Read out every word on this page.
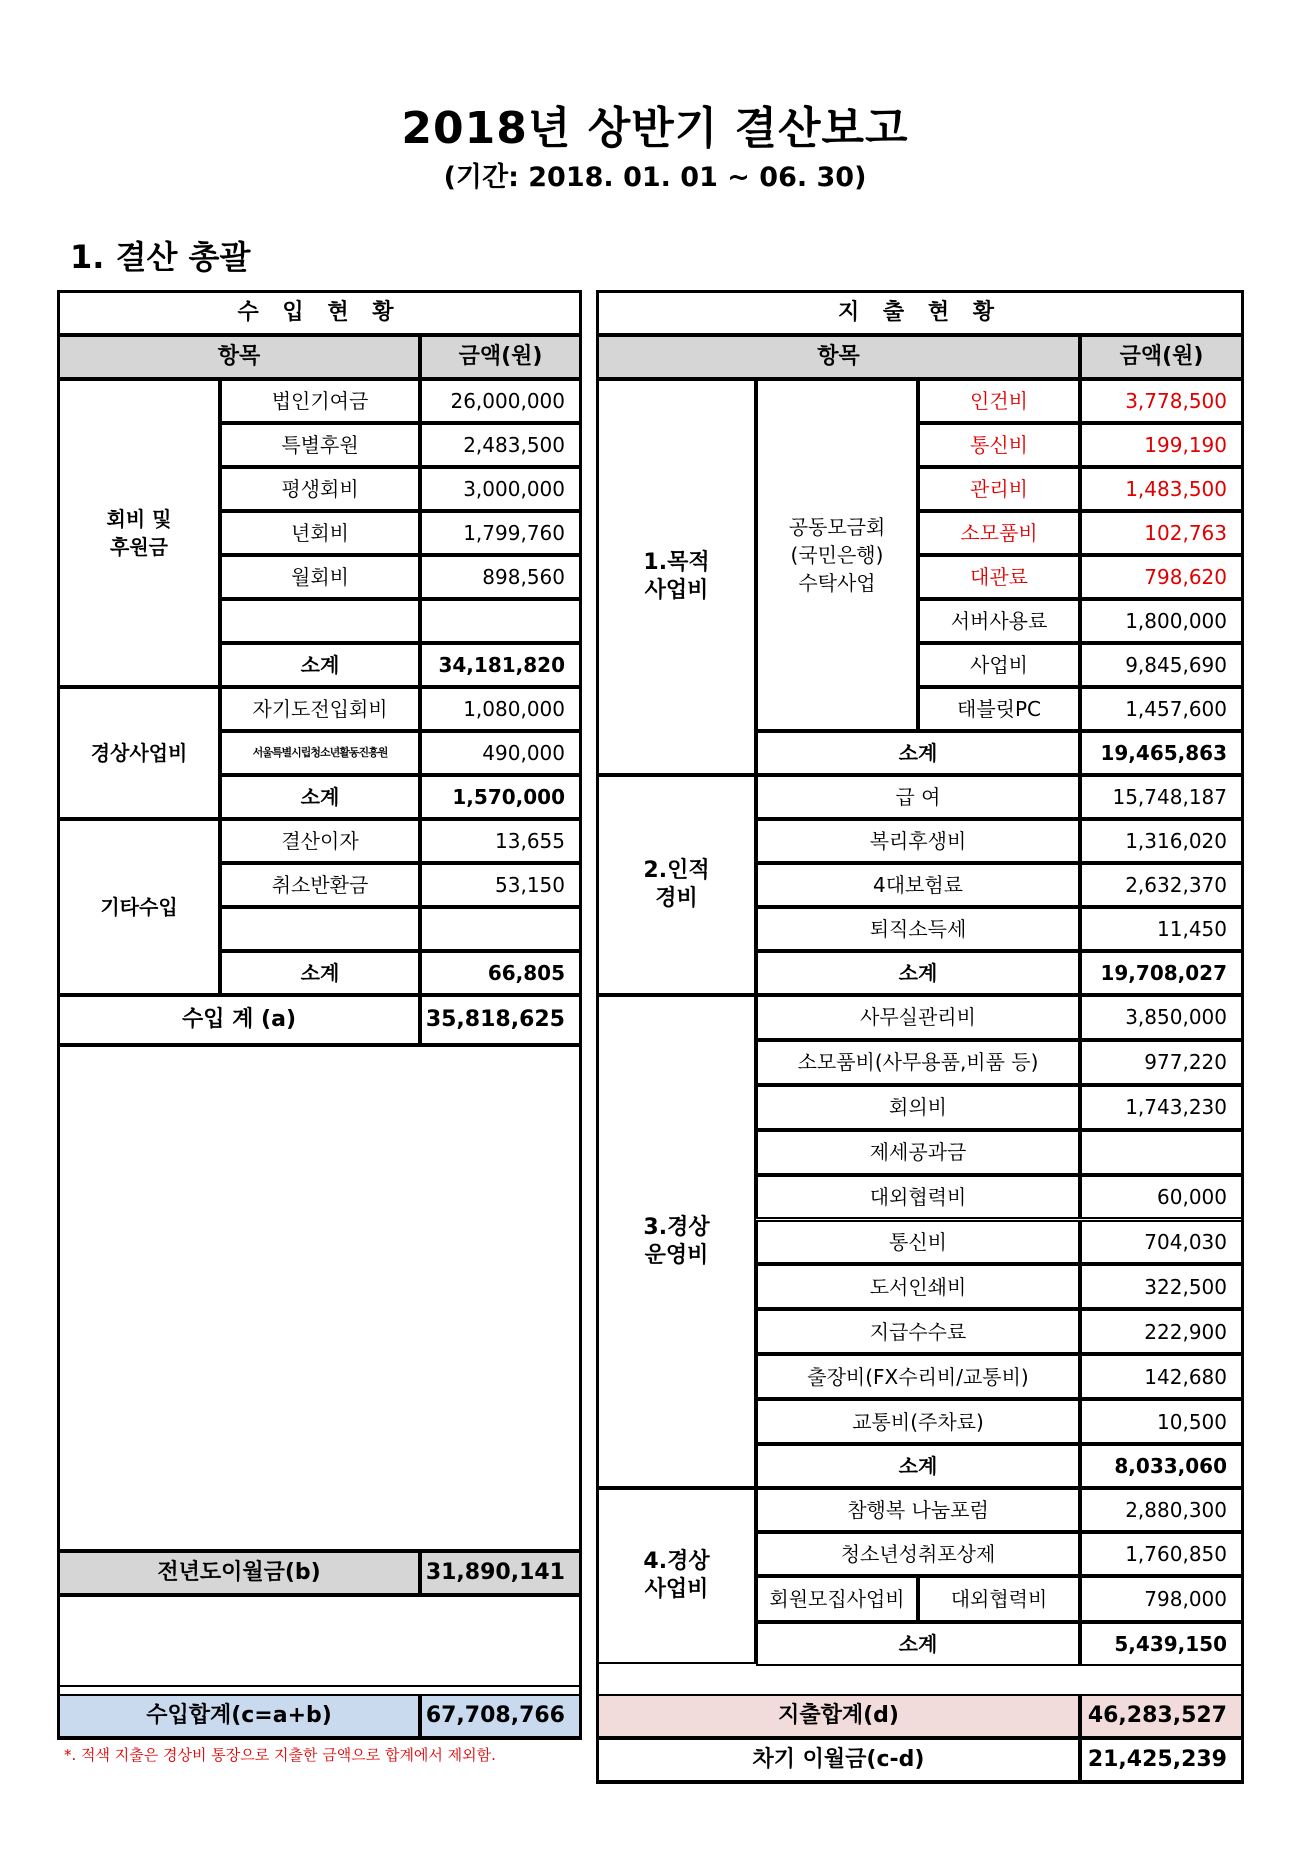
2018년 상반기 결산보고
(기간: 2018. 01. 01 ~ 06. 30)
1. 결산 총괄
*. 적색 지출은 경상비 통장으로 지출한 금액으로 합계에서 제외함.
수 입 현 황
항목	금액(원)
회비 및
후원금
법인기여금	26,000,000
특별후원	2,483,500
평생회비	3,000,000
년회비	1,799,760
월회비	898,560
소계	34,181,820
경상사업비
자기도전입회비	1,080,000
서울특별시립청소년활동진흥원	490,000
소계	1,570,000
기타수입
결산이자	13,655
취소반환금	53,150
소계	66,805
수입 계 (a)	35,818,625
전년도이월금(b)	31,890,141
수입합계(c=a+b)	67,708,766
지 출 현 황
항목	금액(원)
1.목적
사업비
공동모금회
(국민은행)
수탁사업
인건비	3,778,500
통신비	199,190
관리비	1,483,500
소모품비	102,763
대관료	798,620
서버사용료	1,800,000
사업비	9,845,690
태블릿PC	1,457,600
소계	19,465,863
2.인적
경비
급 여	15,748,187
복리후생비	1,316,020
4대보험료	2,632,370
퇴직소득세	11,450
소계	19,708,027
3.경상
운영비
사무실관리비	3,850,000
소모품비(사무용품,비품 등)	977,220
회의비	1,743,230
제세공과금
대외협력비	60,000
통신비	704,030
도서인쇄비	322,500
지급수수료	222,900
출장비(FX수리비/교통비)	142,680
교통비(주차료)	10,500
소계	8,033,060
4.경상
사업비
참행복 나눔포럼	2,880,300
청소년성취포상제	1,760,850
회원모집사업비 대외협력비	798,000
소계	5,439,150
지출합계(d)	46,283,527
차기 이월금(c-d)	21,425,239
